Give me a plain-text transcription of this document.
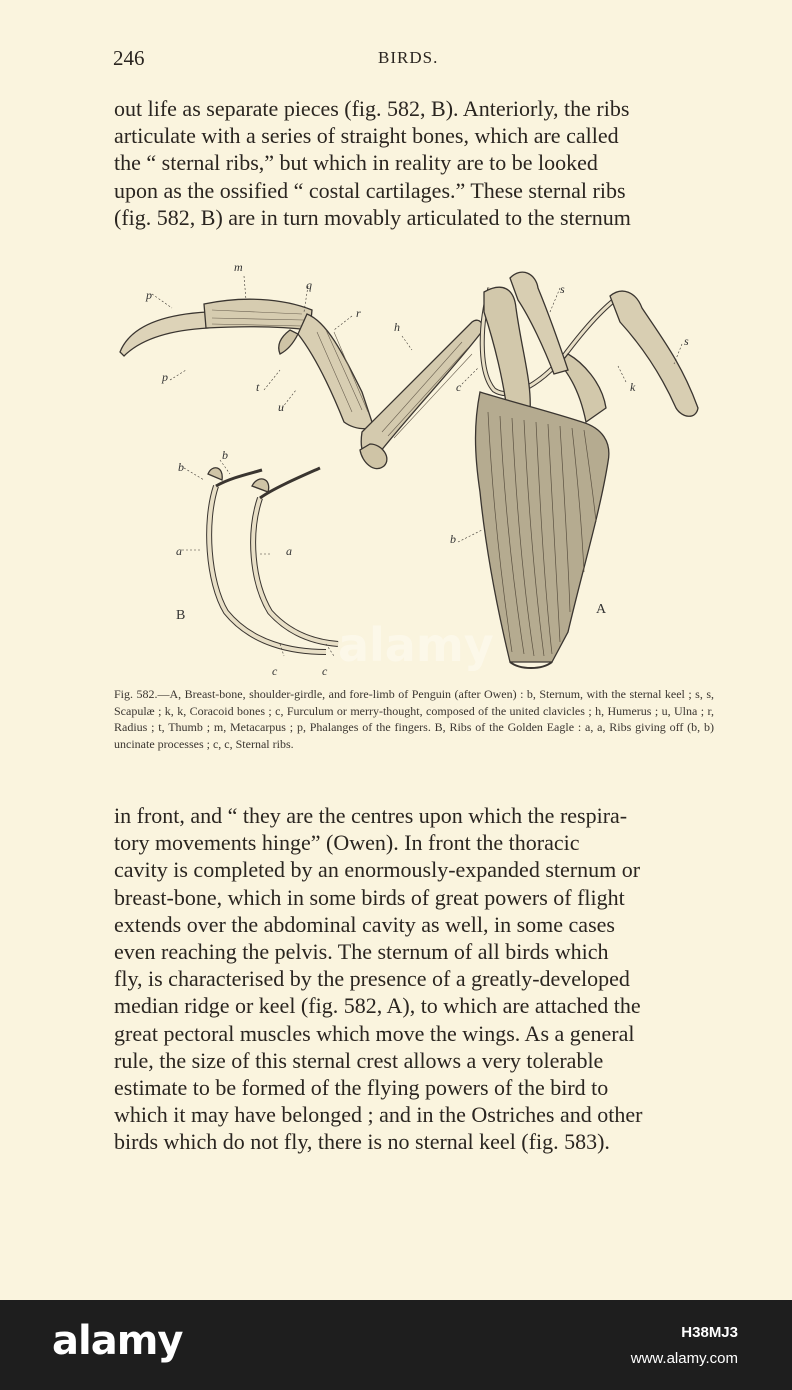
246	BIRDS.
out life as separate pieces (fig. 582, B). Anteriorly, the ribs
articulate with a series of straight bones, which are called
the “ sternal ribs,” but which in reality are to be looked
upon as the ossified “ costal cartilages.” These sternal ribs
(fig. 582, B) are in turn movably articulated to the sternum
m
p
q
r
h
s
s
p
t
u
c	k
b
b
b
a	a
c	c
B	A
Fig. 582.—A, Breast-bone, shoulder-girdle, and fore-limb of Penguin (after Owen) : b, Sternum, with the sternal keel ; s, s, Scapulæ ; k, k, Coracoid bones ; c, Furculum or merry-thought, composed of the united clavicles ; h, Humerus ; u, Ulna ; r, Radius ; t, Thumb ; m, Metacarpus ; p, Phalanges of the fingers. B, Ribs of the Golden Eagle : a, a, Ribs giving off (b, b) uncinate processes ; c, c, Sternal ribs.
in front, and “ they are the centres upon which the respira-
tory movements hinge” (Owen). In front the thoracic
cavity is completed by an enormously-expanded sternum or
breast-bone, which in some birds of great powers of flight
extends over the abdominal cavity as well, in some cases
even reaching the pelvis. The sternum of all birds which
fly, is characterised by the presence of a greatly-developed
median ridge or keel (fig. 582, A), to which are attached the
great pectoral muscles which move the wings. As a general
rule, the size of this sternal crest allows a very tolerable
estimate to be formed of the flying powers of the bird to
which it may have belonged ; and in the Ostriches and other
birds which do not fly, there is no sternal keel (fig. 583).
alamy
alamy	H38MJ3
www.alamy.com
